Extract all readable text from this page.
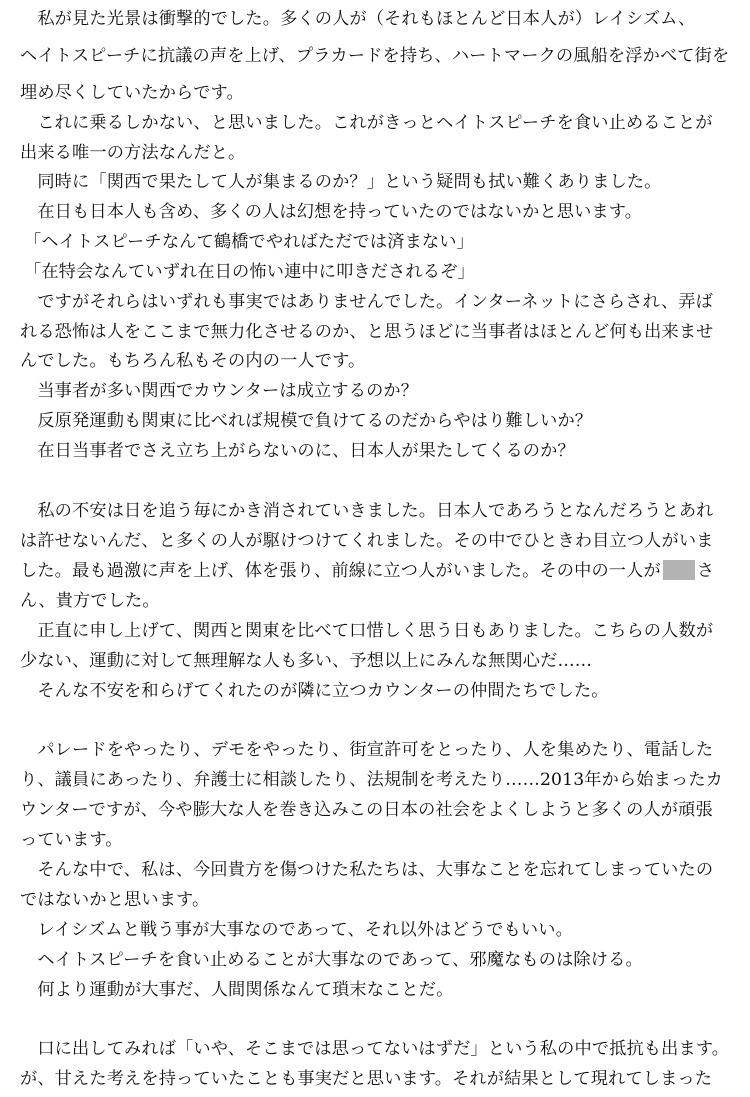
　私が見た光景は衝撃的でした。多くの人が（それもほとんど日本人が）レイシズム、
ヘイトスピーチに抗議の声を上げ、プラカードを持ち、ハートマークの風船を浮かべて街を
埋め尽くしていたからです。
　これに乗るしかない、と思いました。これがきっとヘイトスピーチを食い止めることが
出来る唯一の方法なんだと。
　同時に「関西で果たして人が集まるのか？」という疑問も拭い難くありました。
　在日も日本人も含め、多くの人は幻想を持っていたのではないかと思います。
「ヘイトスピーチなんて鶴橋でやればただでは済まない」
「在特会なんていずれ在日の怖い連中に叩きだされるぞ」
　ですがそれらはいずれも事実ではありませんでした。インターネットにさらされ、弄ば
れる恐怖は人をここまで無力化させるのか、と思うほどに当事者はほとんど何も出来ませ
んでした。もちろん私もその内の一人です。
　当事者が多い関西でカウンターは成立するのか？
　反原発運動も関東に比べれば規模で負けてるのだからやはり難しいか？
　在日当事者でさえ立ち上がらないのに、日本人が果たしてくるのか？
　私の不安は日を追う毎にかき消されていきました。日本人であろうとなんだろうとあれ
は許せないんだ、と多くの人が駆けつけてくれました。その中でひときわ目立つ人がいま
した。最も過激に声を上げ、体を張り、前線に立つ人がいました。その中の一人が さ
ん、貴方でした。
　正直に申し上げて、関西と関東を比べて口惜しく思う日もありました。こちらの人数が
少ない、運動に対して無理解な人も多い、予想以上にみんな無関心だ……
　そんな不安を和らげてくれたのが隣に立つカウンターの仲間たちでした。
　パレードをやったり、デモをやったり、街宣許可をとったり、人を集めたり、電話した
り、議員にあったり、弁護士に相談したり、法規制を考えたり……2013年から始まったカ
ウンターですが、今や膨大な人を巻き込みこの日本の社会をよくしようと多くの人が頑張
っています。
　そんな中で、私は、今回貴方を傷つけた私たちは、大事なことを忘れてしまっていたの
ではないかと思います。
　レイシズムと戦う事が大事なのであって、それ以外はどうでもいい。
　ヘイトスピーチを食い止めることが大事なのであって、邪魔なものは除ける。
　何より運動が大事だ、人間関係なんて瑣末なことだ。
　口に出してみれば「いや、そこまでは思ってないはずだ」という私の中で抵抗も出ます。
が、甘えた考えを持っていたことも事実だと思います。それが結果として現れてしまった
